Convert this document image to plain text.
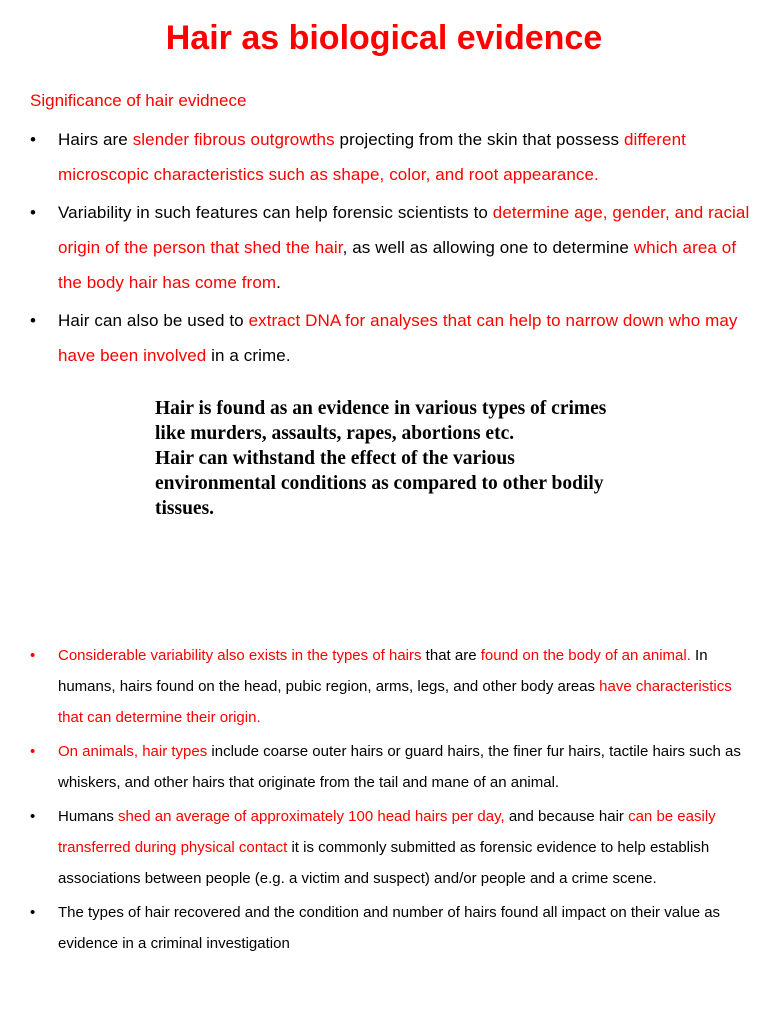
Hair as biological evidence

Significance of hair evidnece

• Hairs are slender fibrous outgrowths projecting from the skin that possess different microscopic characteristics such as shape, color, and root appearance.
• Variability in such features can help forensic scientists to determine age, gender, and racial origin of the person that shed the hair, as well as allowing one to determine which area of the body hair has come from.
• Hair can also be used to extract DNA for analyses that can help to narrow down who may have been involved in a crime.

Hair is found as an evidence in various types of crimes like murders, assaults, rapes, abortions etc.

Hair can withstand the effect of the various environmental conditions as compared to other bodily tissues.

• Considerable variability also exists in the types of hairs that are found on the body of an animal. In humans, hairs found on the head, pubic region, arms, legs, and other body areas have characteristics that can determine their origin.
• On animals, hair types include coarse outer hairs or guard hairs, the finer fur hairs, tactile hairs such as whiskers, and other hairs that originate from the tail and mane of an animal.
• Humans shed an average of approximately 100 head hairs per day, and because hair can be easily transferred during physical contact it is commonly submitted as forensic evidence to help establish associations between people (e.g. a victim and suspect) and/or people and a crime scene.
• The types of hair recovered and the condition and number of hairs found all impact on their value as evidence in a criminal investigation
